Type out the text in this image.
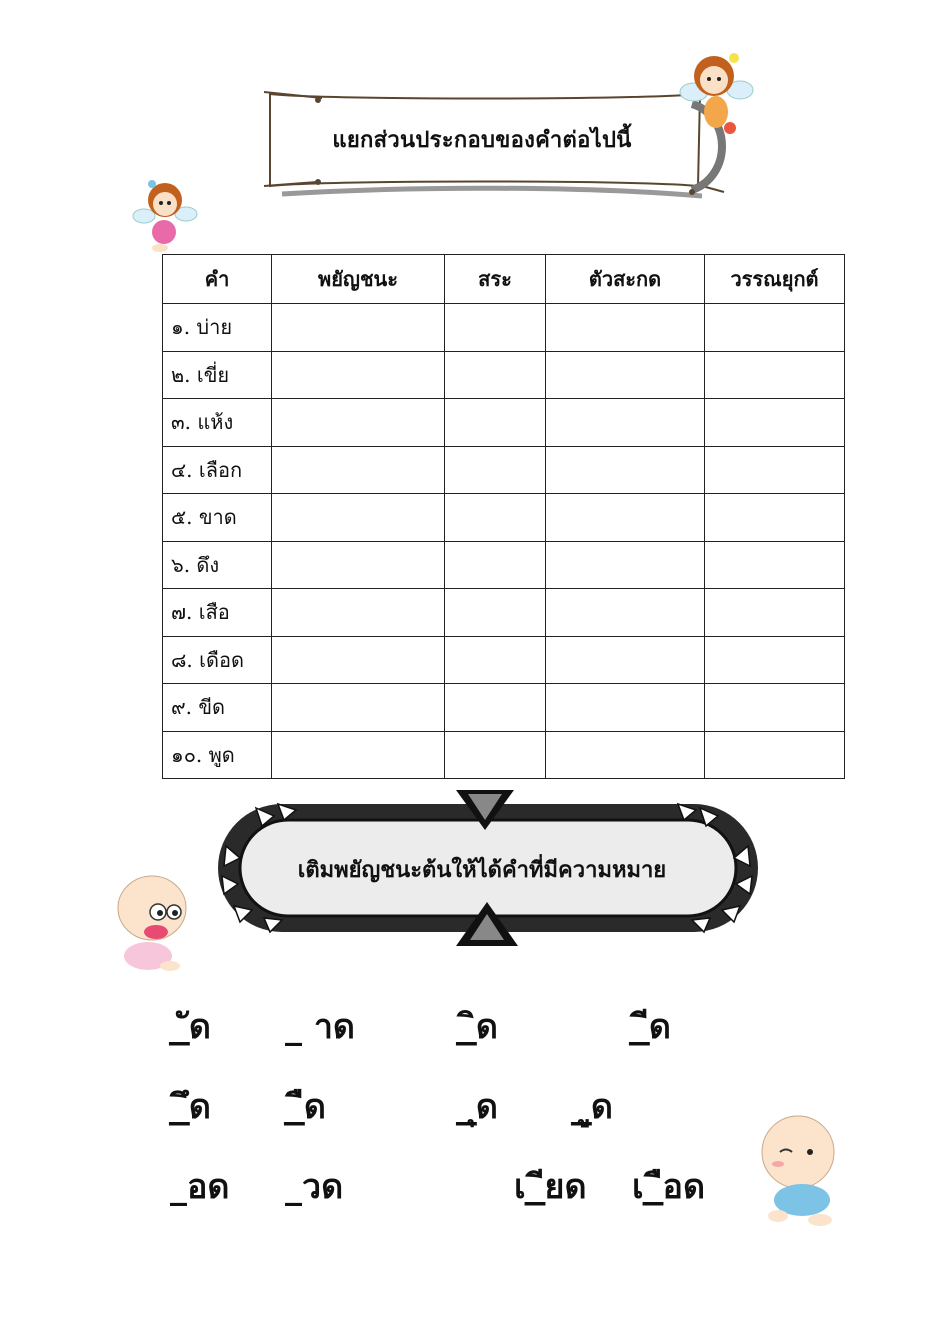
แยกส่วนประกอบของคำต่อไปนี้
คำ	พยัญชนะ	สระ	ตัวสะกด	วรรณยุกต์
๑. บ่าย				
๒. เขี่ย				
๓. แห้ง				
๔. เลือก				
๕. ขาด				
๖. ดึง				
๗. เสือ				
๘. เดือด				
๙. ขีด				
๑๐. พูด				
เติมพยัญชนะต้นให้ได้คำที่มีความหมาย
_ัด _ าด	_ิด	_ีด
_ึด _ืด	_ุด _ูด
_อด _วด	เ_ียด เ_ือด
